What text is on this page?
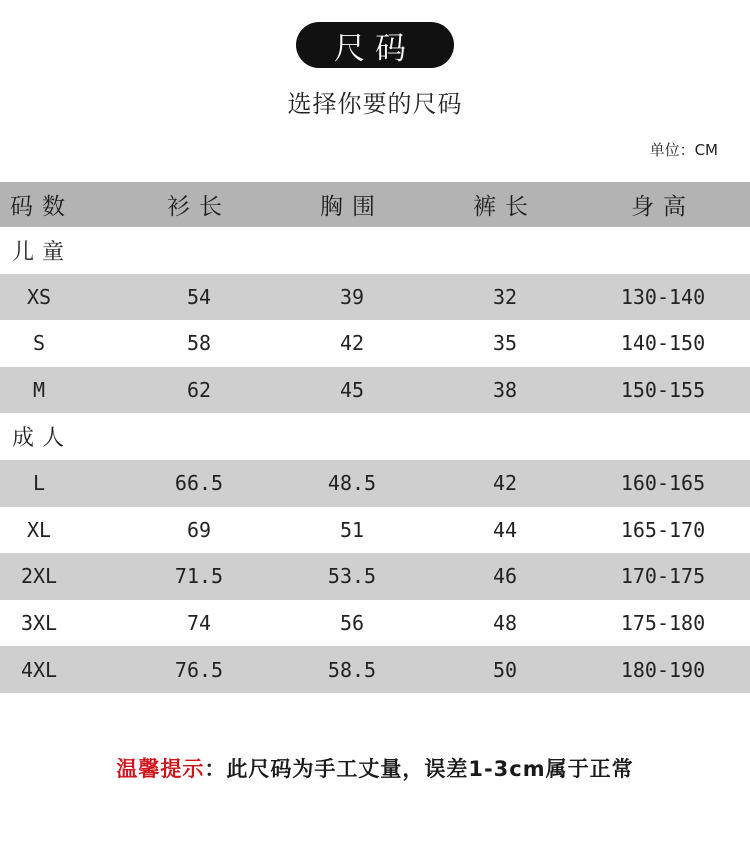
尺码
选择你要的尺码
单位：CM
码数	衫长	胸围	裤长	身高
儿童
XS	54	39	32	130-140
S	58	42	35	140-150
M	62	45	38	150-155
成人
L	66.5	48.5	42	160-165
XL	69	51	44	165-170
2XL	71.5	53.5	46	170-175
3XL	74	56	48	175-180
4XL	76.5	58.5	50	180-190
温馨提示：此尺码为手工丈量，误差1-3cm属于正常
